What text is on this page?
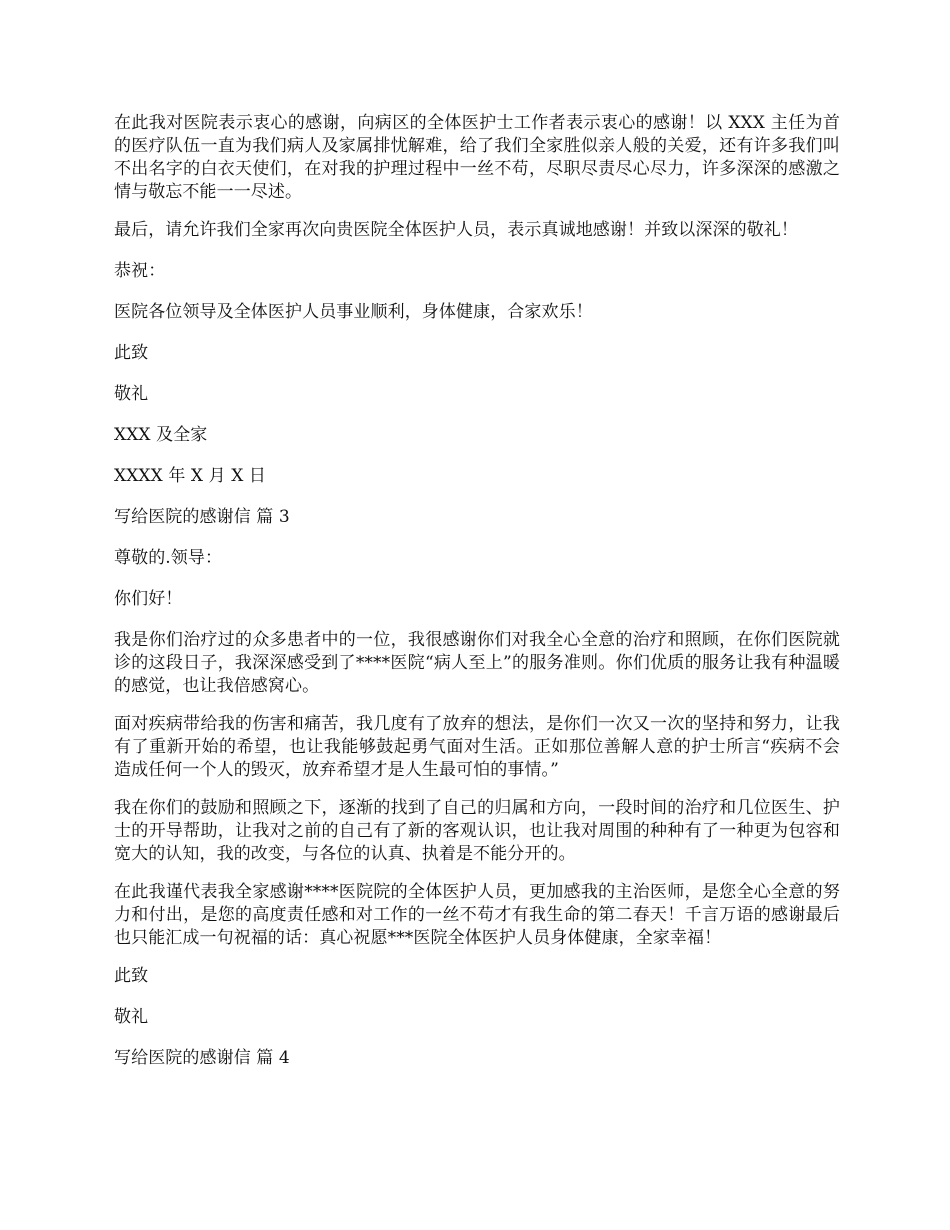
在此我对医院表示衷心的感谢，向病区的全体医护士工作者表示衷心的感谢！以 XXX 主任为首的医疗队伍一直为我们病人及家属排忧解难，给了我们全家胜似亲人般的关爱，还有许多我们叫不出名字的白衣天使们，在对我的护理过程中一丝不苟，尽职尽责尽心尽力，许多深深的感激之情与敬忘不能一一尽述。

最后，请允许我们全家再次向贵医院全体医护人员，表示真诚地感谢！并致以深深的敬礼！

恭祝：

医院各位领导及全体医护人员事业顺利，身体健康，合家欢乐！

此致

敬礼

XXX 及全家

XXXX 年 X 月 X 日

写给医院的感谢信 篇 3

尊敬的.领导：

你们好！

我是你们治疗过的众多患者中的一位，我很感谢你们对我全心全意的治疗和照顾，在你们医院就诊的这段日子，我深深感受到了****医院“病人至上”的服务准则。你们优质的服务让我有种温暖的感觉，也让我倍感窝心。

面对疾病带给我的伤害和痛苦，我几度有了放弃的想法，是你们一次又一次的坚持和努力，让我有了重新开始的希望，也让我能够鼓起勇气面对生活。正如那位善解人意的护士所言“疾病不会造成任何一个人的毁灭，放弃希望才是人生最可怕的事情。”

我在你们的鼓励和照顾之下，逐渐的找到了自己的归属和方向，一段时间的治疗和几位医生、护士的开导帮助，让我对之前的自己有了新的客观认识，也让我对周围的种种有了一种更为包容和宽大的认知，我的改变，与各位的认真、执着是不能分开的。

在此我谨代表我全家感谢****医院院的全体医护人员，更加感我的主治医师，是您全心全意的努力和付出，是您的高度责任感和对工作的一丝不苟才有我生命的第二春天！千言万语的感谢最后也只能汇成一句祝福的话：真心祝愿***医院全体医护人员身体健康，全家幸福！

此致

敬礼

写给医院的感谢信 篇 4
